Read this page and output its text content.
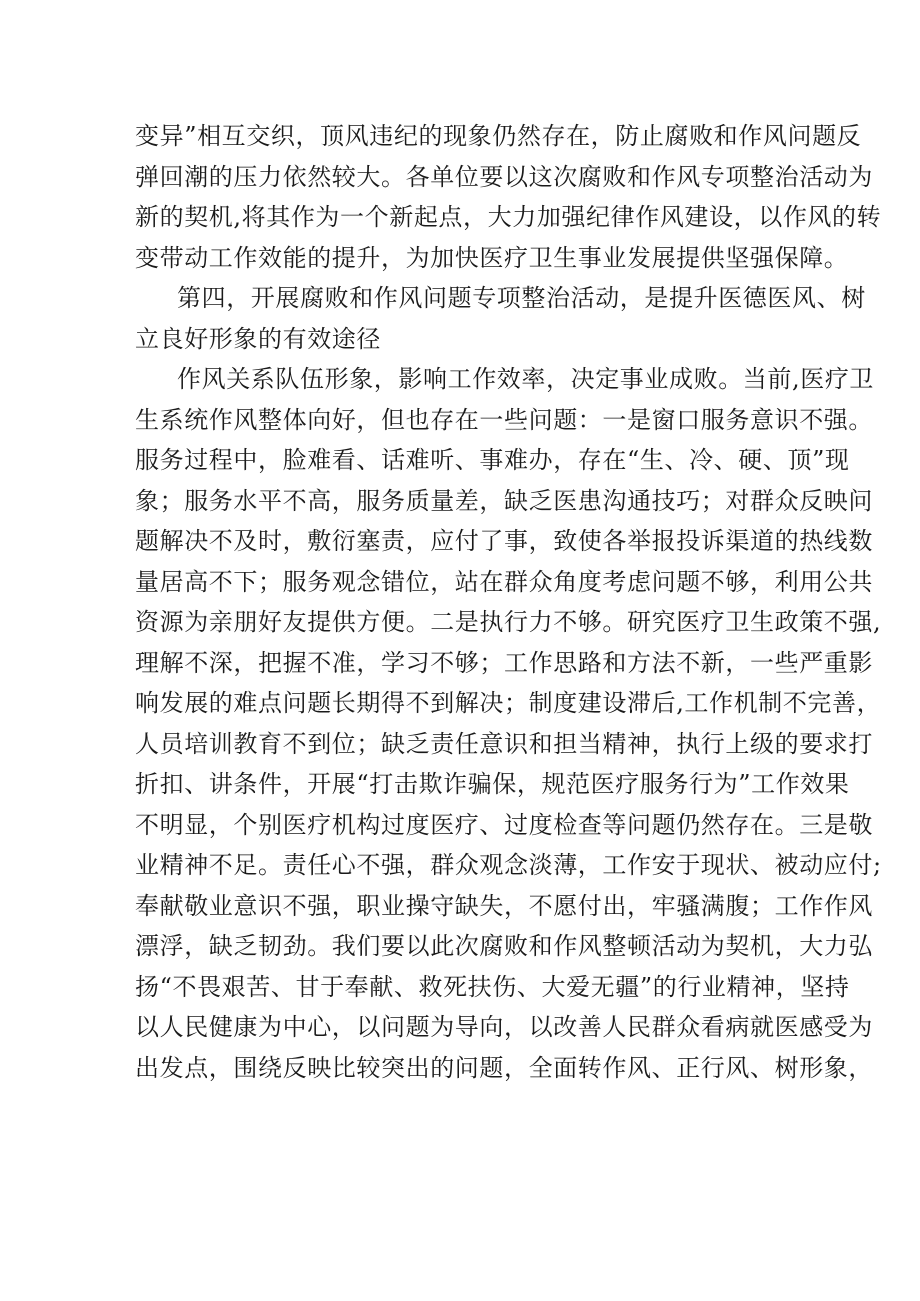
变异”相互交织，顶风违纪的现象仍然存在，防止腐败和作风问题反
弹回潮的压力依然较大。各单位要以这次腐败和作风专项整治活动为
新的契机,将其作为一个新起点，大力加强纪律作风建设，以作风的转
变带动工作效能的提升，为加快医疗卫生事业发展提供坚强保障。
第四，开展腐败和作风问题专项整治活动，是提升医德医风、树
立良好形象的有效途径
作风关系队伍形象，影响工作效率，决定事业成败。当前,医疗卫
生系统作风整体向好，但也存在一些问题：一是窗口服务意识不强。
服务过程中，脸难看、话难听、事难办，存在“生、冷、硬、顶”现
象；服务水平不高，服务质量差，缺乏医患沟通技巧；对群众反映问
题解决不及时，敷衍塞责，应付了事，致使各举报投诉渠道的热线数
量居高不下；服务观念错位，站在群众角度考虑问题不够，利用公共
资源为亲朋好友提供方便。二是执行力不够。研究医疗卫生政策不强,
理解不深，把握不准，学习不够；工作思路和方法不新，一些严重影
响发展的难点问题长期得不到解决；制度建设滞后,工作机制不完善，
人员培训教育不到位；缺乏责任意识和担当精神，执行上级的要求打
折扣、讲条件，开展“打击欺诈骗保，规范医疗服务行为”工作效果
不明显，个别医疗机构过度医疗、过度检查等问题仍然存在。三是敬
业精神不足。责任心不强，群众观念淡薄，工作安于现状、被动应付;
奉献敬业意识不强，职业操守缺失，不愿付出，牢骚满腹；工作作风
漂浮，缺乏韧劲。我们要以此次腐败和作风整顿活动为契机，大力弘
扬“不畏艰苦、甘于奉献、救死扶伤、大爱无疆”的行业精神，坚持
以人民健康为中心，以问题为导向，以改善人民群众看病就医感受为
出发点，围绕反映比较突出的问题，全面转作风、正行风、树形象，
